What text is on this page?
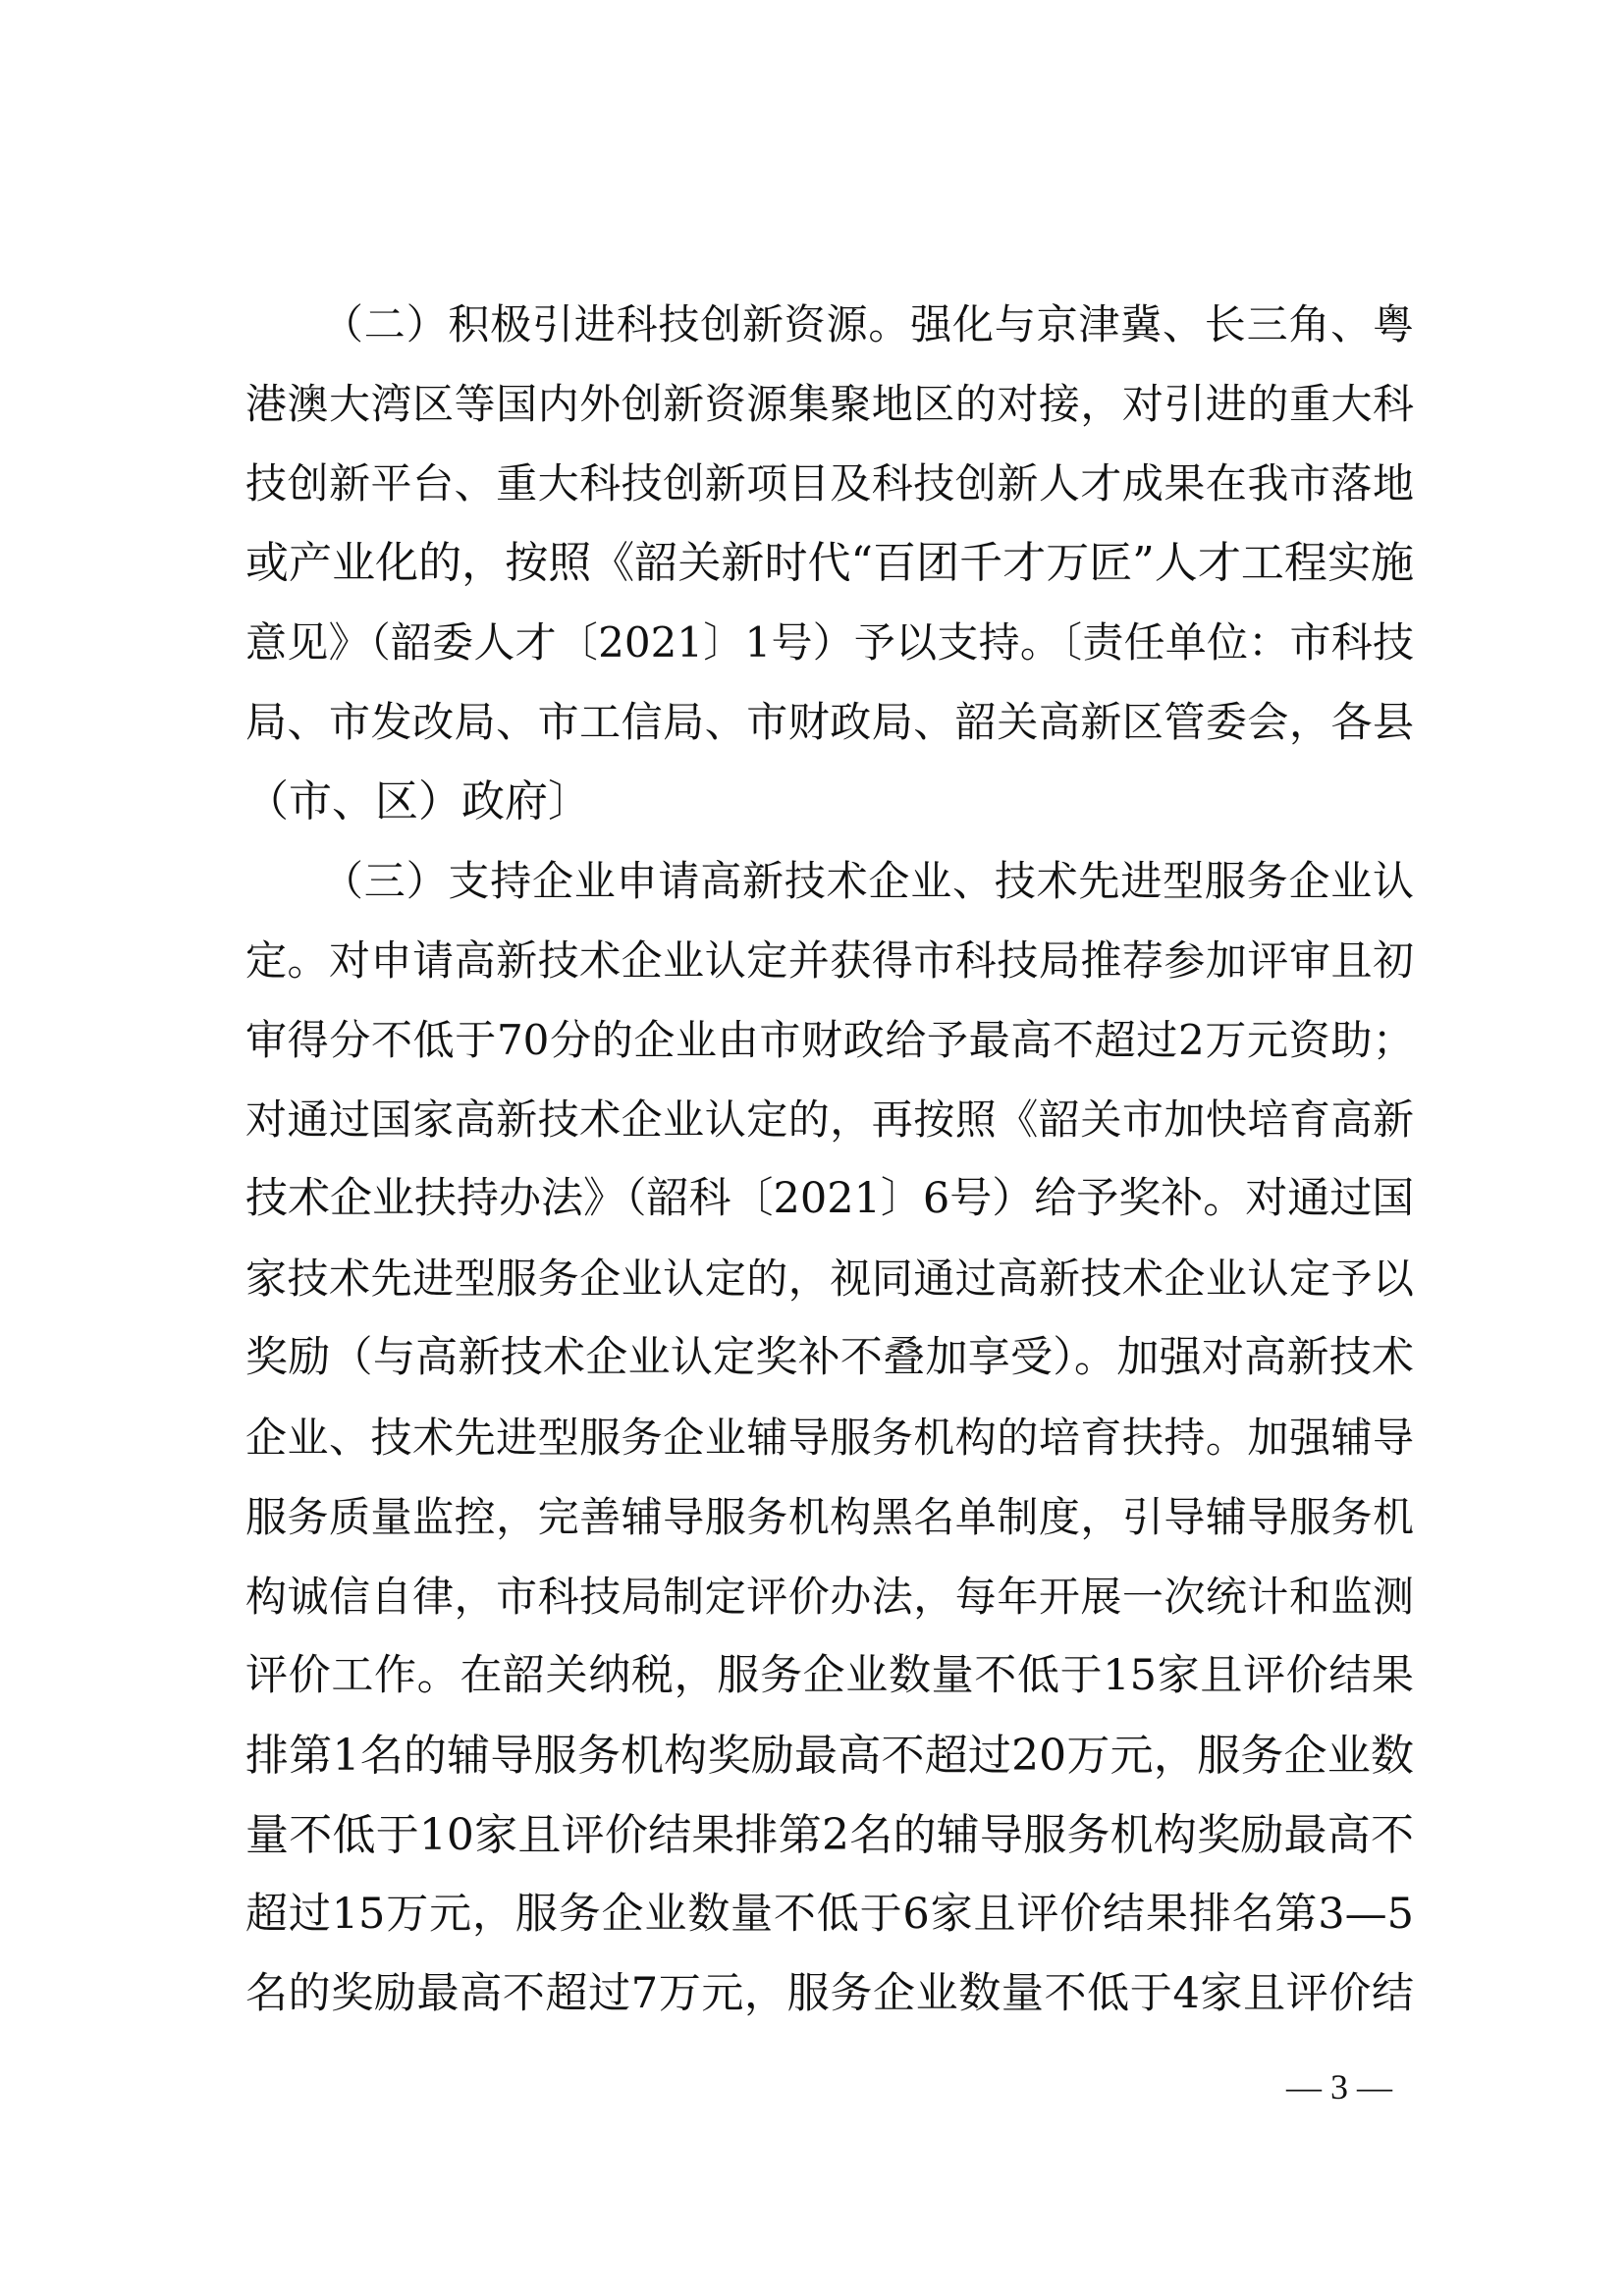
（二）积极引进科技创新资源。强化与京津冀、长三角、粤
港澳大湾区等国内外创新资源集聚地区的对接，对引进的重大科
技创新平台、重大科技创新项目及科技创新人才成果在我市落地
或产业化的，按照《韶关新时代“百团千才万匠”人才工程实施
意见》（韶委人才〔2021〕1号）予以支持。〔责任单位：市科技
局、市发改局、市工信局、市财政局、韶关高新区管委会，各县
（市、区）政府〕
（三）支持企业申请高新技术企业、技术先进型服务企业认
定。对申请高新技术企业认定并获得市科技局推荐参加评审且初
审得分不低于70分的企业由市财政给予最高不超过2万元资助；
对通过国家高新技术企业认定的，再按照《韶关市加快培育高新
技术企业扶持办法》（韶科〔2021〕6号）给予奖补。对通过国
家技术先进型服务企业认定的，视同通过高新技术企业认定予以
奖励（与高新技术企业认定奖补不叠加享受）。加强对高新技术
企业、技术先进型服务企业辅导服务机构的培育扶持。加强辅导
服务质量监控，完善辅导服务机构黑名单制度，引导辅导服务机
构诚信自律，市科技局制定评价办法，每年开展一次统计和监测
评价工作。在韶关纳税，服务企业数量不低于15家且评价结果
排第1名的辅导服务机构奖励最高不超过20万元，服务企业数
量不低于10家且评价结果排第2名的辅导服务机构奖励最高不
超过15万元，服务企业数量不低于6家且评价结果排名第3—5
名的奖励最高不超过7万元，服务企业数量不低于4家且评价结
— 3 —
